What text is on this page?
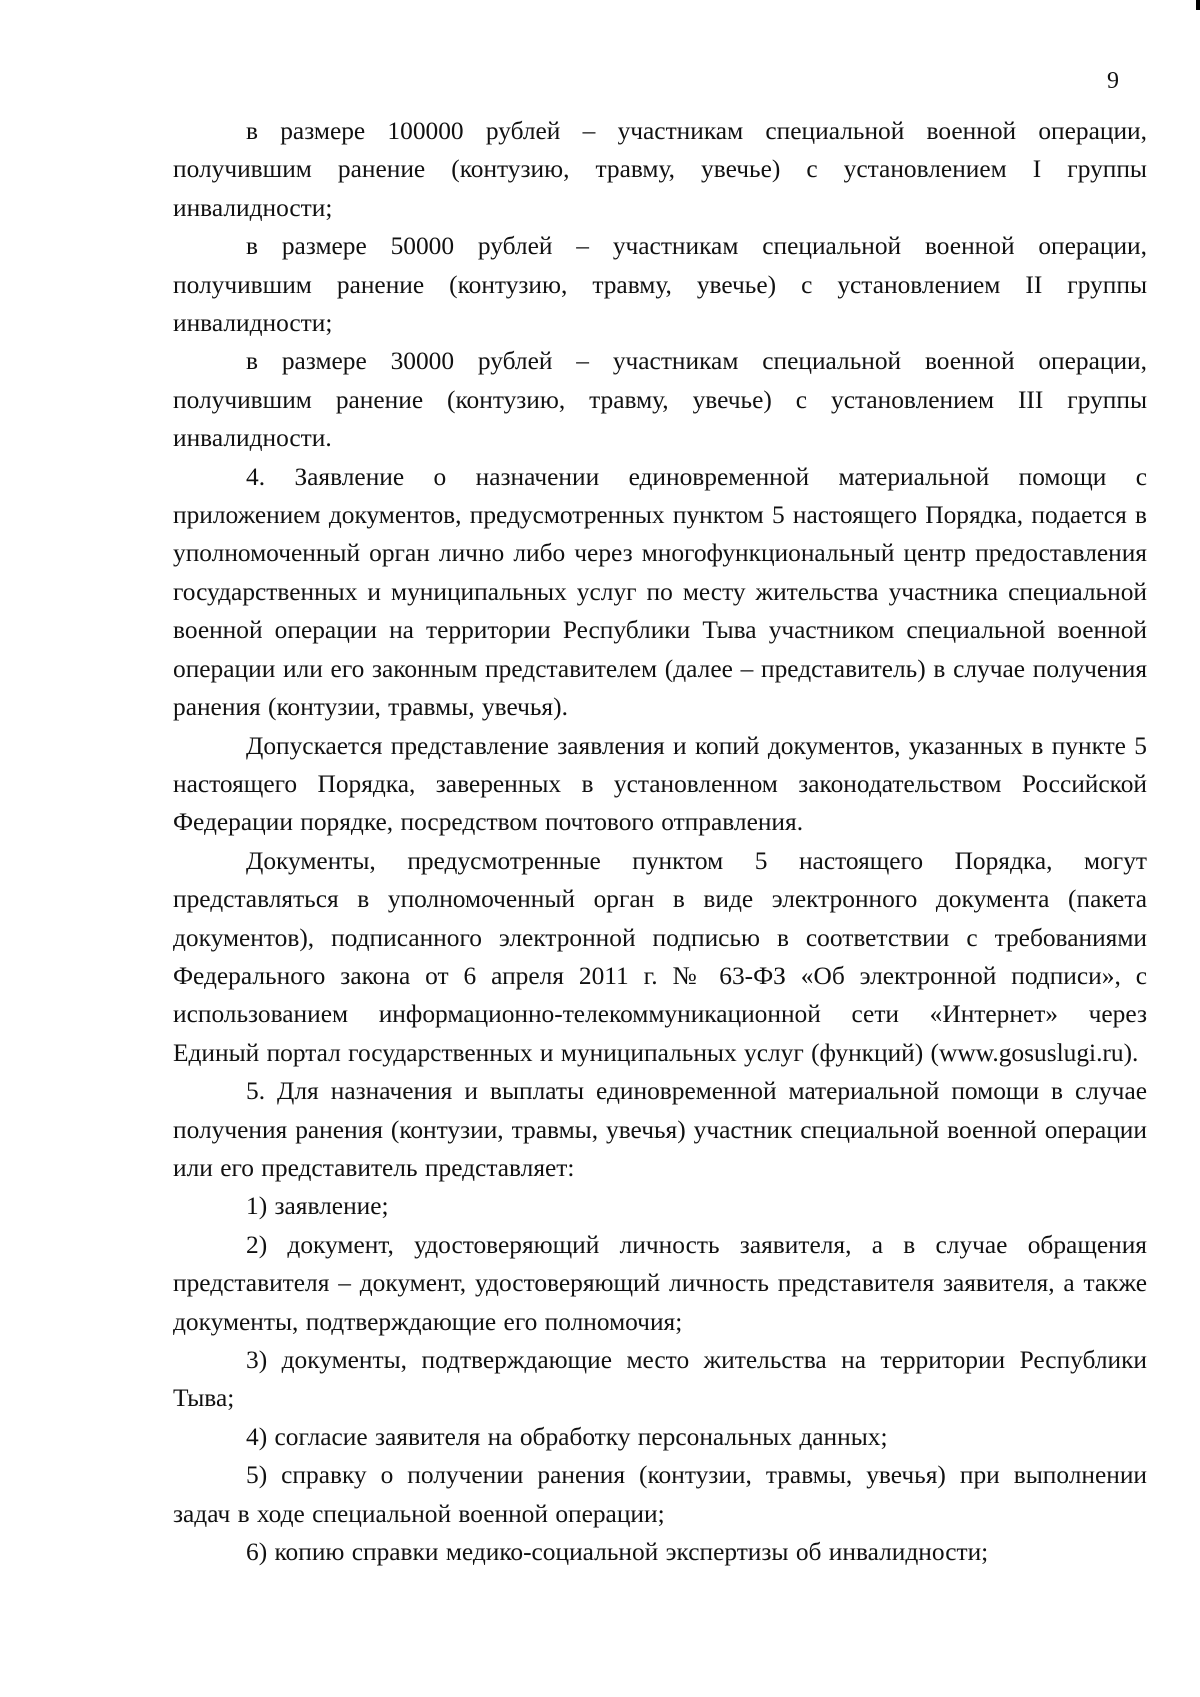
9

в размере 100000 рублей – участникам специальной военной операции, получившим ранение (контузию, травму, увечье) с установлением I группы инвалидности;

в размере 50000 рублей – участникам специальной военной операции, получившим ранение (контузию, травму, увечье) с установлением II группы инвалидности;

в размере 30000 рублей – участникам специальной военной операции, получившим ранение (контузию, травму, увечье) с установлением III группы инвалидности.

4. Заявление о назначении единовременной материальной помощи с приложением документов, предусмотренных пунктом 5 настоящего Порядка, подается в уполномоченный орган лично либо через многофункциональный центр предоставления государственных и муниципальных услуг по месту жительства участника специальной военной операции на территории Республики Тыва участником специальной военной операции или его законным представителем (далее – представитель) в случае получения ранения (контузии, травмы, увечья).

Допускается представление заявления и копий документов, указанных в пункте 5 настоящего Порядка, заверенных в установленном законодательством Российской Федерации порядке, посредством почтового отправления.

Документы, предусмотренные пунктом 5 настоящего Порядка, могут представляться в уполномоченный орган в виде электронного документа (пакета документов), подписанного электронной подписью в соответствии с требованиями Федерального закона от 6 апреля 2011 г. № 63-ФЗ «Об электронной подписи», с использованием информационно-телекоммуникационной сети «Интернет» через Единый портал государственных и муниципальных услуг (функций) (www.gosuslugi.ru).

5. Для назначения и выплаты единовременной материальной помощи в случае получения ранения (контузии, травмы, увечья) участник специальной военной операции или его представитель представляет:

1) заявление;

2) документ, удостоверяющий личность заявителя, а в случае обращения представителя – документ, удостоверяющий личность представителя заявителя, а также документы, подтверждающие его полномочия;

3) документы, подтверждающие место жительства на территории Республики Тыва;

4) согласие заявителя на обработку персональных данных;

5) справку о получении ранения (контузии, травмы, увечья) при выполнении задач в ходе специальной военной операции;

6) копию справки медико-социальной экспертизы об инвалидности;
